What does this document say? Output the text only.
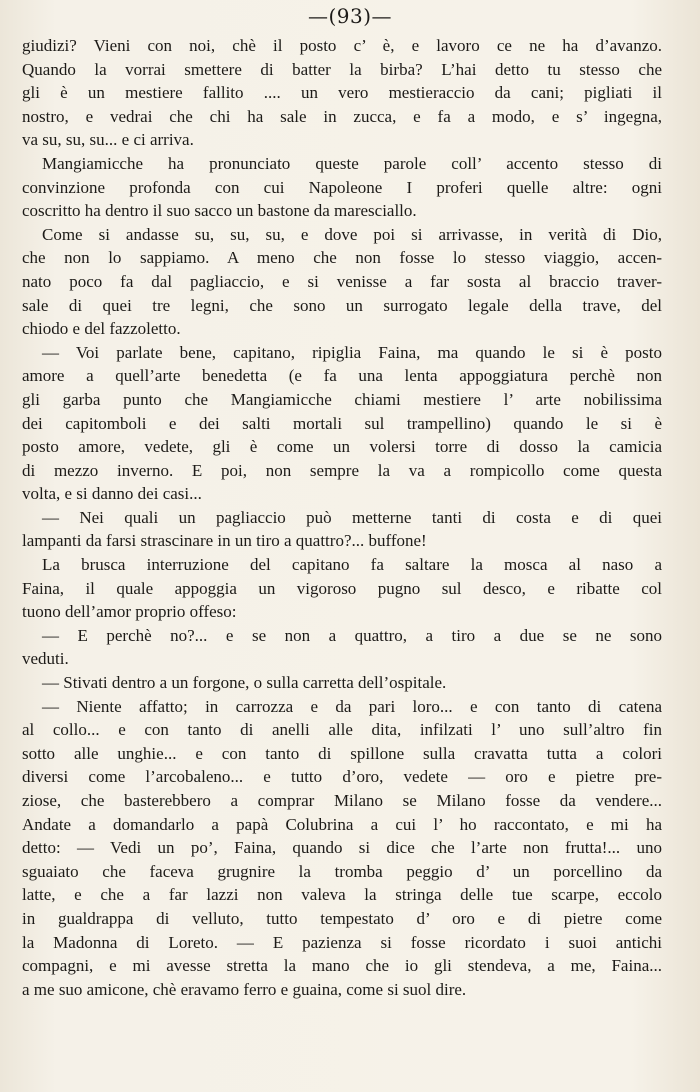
—(93)—

giudizi? Vieni con noi, chè il posto c’ è, e lavoro ce ne ha d’avanzo.

Quando la vorrai smettere di batter la birba? L’hai detto tu stesso che

gli è un mestiere fallito .... un vero mestieraccio da cani; pigliati il

nostro, e vedrai che chi ha sale in zucca, e fa a modo, e s’ ingegna,

va su, su, su... e ci arriva.

Mangiamicche ha pronunciato queste parole coll’ accento stesso di

convinzione profonda con cui Napoleone I proferi quelle altre: ogni

coscritto ha dentro il suo sacco un bastone da maresciallo.

Come si andasse su, su, su, e dove poi si arrivasse, in verità di Dio,

che non lo sappiamo. A meno che non fosse lo stesso viaggio, accen-

nato poco fa dal pagliaccio, e si venisse a far sosta al braccio traver-

sale di quei tre legni, che sono un surrogato legale della trave, del

chiodo e del fazzoletto.

— Voi parlate bene, capitano, ripiglia Faina, ma quando le si è posto

amore a quell’arte benedetta (e fa una lenta appoggiatura perchè non

gli garba punto che Mangiamicche chiami mestiere l’ arte nobilissima

dei capitomboli e dei salti mortali sul trampellino) quando le si è

posto amore, vedete, gli è come un volersi torre di dosso la camicia

di mezzo inverno. E poi, non sempre la va a rompicollo come questa

volta, e si danno dei casi...

— Nei quali un pagliaccio può metterne tanti di costa e di quei

lampanti da farsi strascinare in un tiro a quattro?... buffone!

La brusca interruzione del capitano fa saltare la mosca al naso a

Faina, il quale appoggia un vigoroso pugno sul desco, e ribatte col

tuono dell’amor proprio offeso:

— E perchè no?... e se non a quattro, a tiro a due se ne sono

veduti.

— Stivati dentro a un forgone, o sulla carretta dell’ospitale.

— Niente affatto; in carrozza e da pari loro... e con tanto di catena

al collo... e con tanto di anelli alle dita, infilzati l’ uno sull’altro fin

sotto alle unghie... e con tanto di spillone sulla cravatta tutta a colori

diversi come l’arcobaleno... e tutto d’oro, vedete — oro e pietre pre-

ziose, che basterebbero a comprar Milano se Milano fosse da vendere...

Andate a domandarlo a papà Colubrina a cui l’ ho raccontato, e mi ha

detto: — Vedi un po’, Faina, quando si dice che l’arte non frutta!... uno

sguaiato che faceva grugnire la tromba peggio d’ un porcellino da

latte, e che a far lazzi non valeva la stringa delle tue scarpe, eccolo

in gualdrappa di velluto, tutto tempestato d’ oro e di pietre come

la Madonna di Loreto. — E pazienza si fosse ricordato i suoi antichi

compagni, e mi avesse stretta la mano che io gli stendeva, a me, Faina...

a me suo amicone, chè eravamo ferro e guaina, come si suol dire.
